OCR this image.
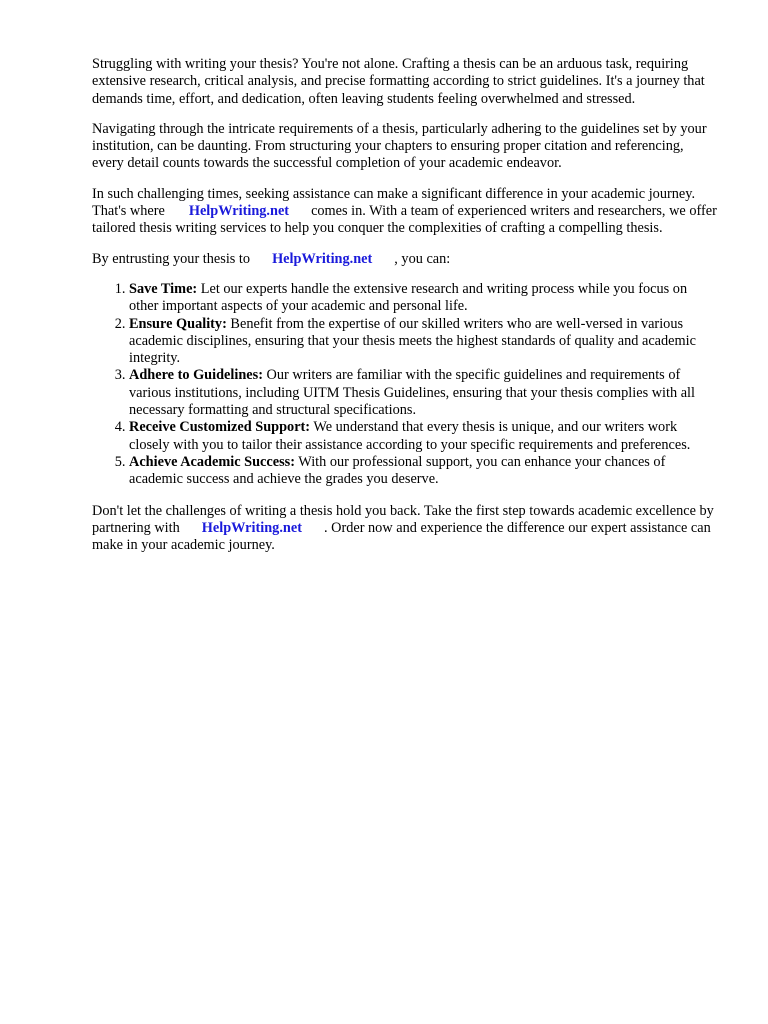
Struggling with writing your thesis? You're not alone. Crafting a thesis can be an arduous task, requiring extensive research, critical analysis, and precise formatting according to strict guidelines. It's a journey that demands time, effort, and dedication, often leaving students feeling overwhelmed and stressed.

Navigating through the intricate requirements of a thesis, particularly adhering to the guidelines set by your institution, can be daunting. From structuring your chapters to ensuring proper citation and referencing, every detail counts towards the successful completion of your academic endeavor.

In such challenging times, seeking assistance can make a significant difference in your academic journey. That's where HelpWriting.net comes in. With a team of experienced writers and researchers, we offer tailored thesis writing services to help you conquer the complexities of crafting a compelling thesis.

By entrusting your thesis to HelpWriting.net , you can:

1. Save Time: Let our experts handle the extensive research and writing process while you focus on other important aspects of your academic and personal life.
2. Ensure Quality: Benefit from the expertise of our skilled writers who are well-versed in various academic disciplines, ensuring that your thesis meets the highest standards of quality and academic integrity.
3. Adhere to Guidelines: Our writers are familiar with the specific guidelines and requirements of various institutions, including UITM Thesis Guidelines, ensuring that your thesis complies with all necessary formatting and structural specifications.
4. Receive Customized Support: We understand that every thesis is unique, and our writers work closely with you to tailor their assistance according to your specific requirements and preferences.
5. Achieve Academic Success: With our professional support, you can enhance your chances of academic success and achieve the grades you deserve.

Don't let the challenges of writing a thesis hold you back. Take the first step towards academic excellence by partnering with HelpWriting.net . Order now and experience the difference our expert assistance can make in your academic journey.
